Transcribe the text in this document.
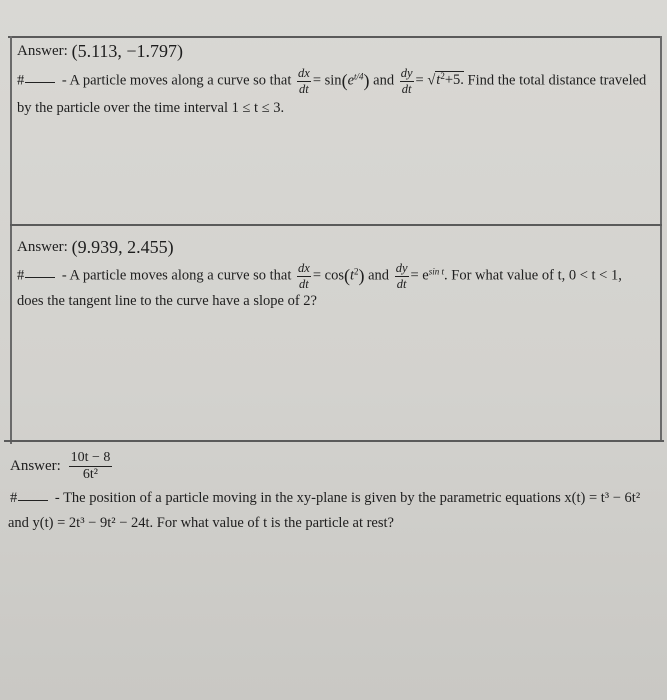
Answer: (5.113, −1.797)
#	- A particle moves along a curve so that $\frac{dx}{dt} = \sin(e^{t/4})$ and $\frac{dy}{dt} = √t^2+5$. Find the total distance traveled
by the particle over the time interval 1 ≤ t ≤ 3.
Answer: (9.939, 2.455)
#	- A particle moves along a curve so that $\frac{dx}{dt} = \cos(t^2)$ and $\frac{dy}{dt} = e^{sin t}$. For what value of t, 0 < t < 1,
does the tangent line to the curve have a slope of 2?
Answer: $\frac{10t - 8}{\text{6t²}}$
#	- The position of a particle moving in the xy-plane is given by the parametric equations x(t) = t³ − 6t²
and y(t) = 2t³ − 9t² − 24t. For what value of t is the particle at rest?
